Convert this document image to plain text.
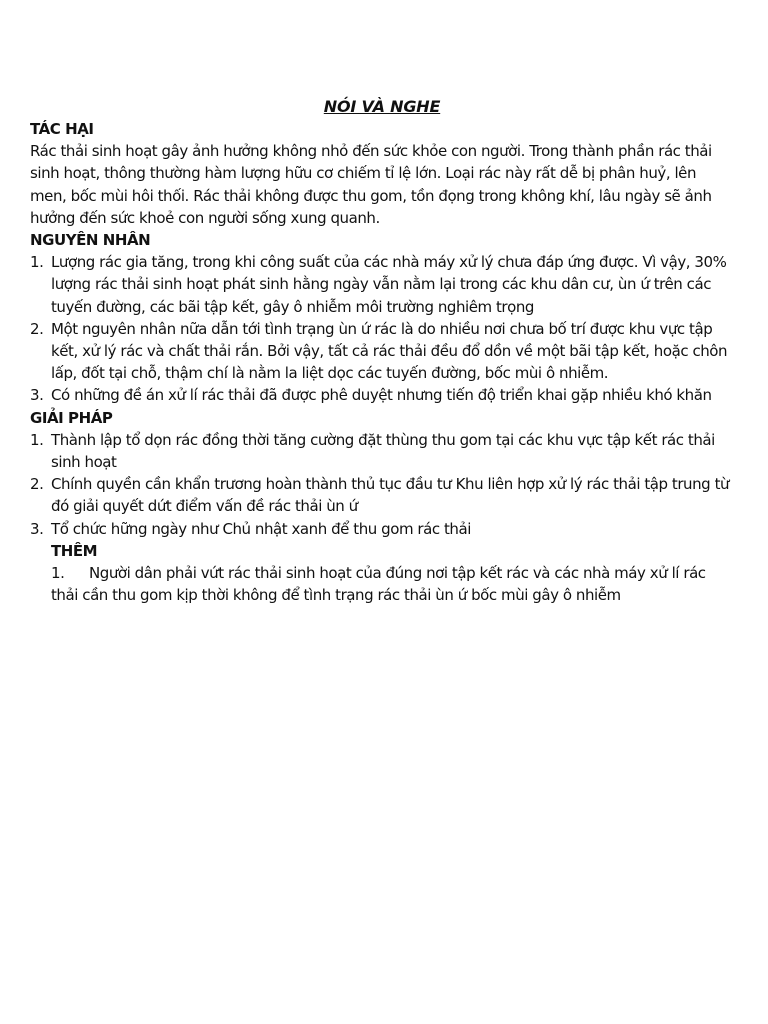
NÓI VÀ NGHE
TÁC HẠI

Rác thải sinh hoạt gây ảnh hưởng không nhỏ đến sức khỏe con người. Trong thành phần rác thải sinh hoạt, thông thường hàm lượng hữu cơ chiếm tỉ lệ lớn. Loại rác này rất dễ bị phân huỷ, lên men, bốc mùi hôi thối. Rác thải không được thu gom, tồn đọng trong không khí, lâu ngày sẽ ảnh hưởng đến sức khoẻ con người sống xung quanh.

NGUYÊN NHÂN
1. Lượng rác gia tăng, trong khi công suất của các nhà máy xử lý chưa đáp ứng được. Vì vậy, 30% lượng rác thải sinh hoạt phát sinh hằng ngày vẫn nằm lại trong các khu dân cư, ùn ứ trên các tuyến đường, các bãi tập kết, gây ô nhiễm môi trường nghiêm trọng
2. Một nguyên nhân nữa dẫn tới tình trạng ùn ứ rác là do nhiều nơi chưa bố trí được khu vực tập kết, xử lý rác và chất thải rắn. Bởi vậy, tất cả rác thải đều đổ dồn về một bãi tập kết, hoặc chôn lấp, đốt tại chỗ, thậm chí là nằm la liệt dọc các tuyến đường, bốc mùi ô nhiễm.
3. Có những đề án xử lí rác thải đã được phê duyệt nhưng tiến độ triển khai gặp nhiều khó khăn
GIẢI PHÁP
1. Thành lập tổ dọn rác đồng thời tăng cường đặt thùng thu gom tại các khu vực tập kết rác thải sinh hoạt
2. Chính quyền cần khẩn trương hoàn thành thủ tục đầu tư Khu liên hợp xử lý rác thải tập trung từ đó giải quyết dứt điểm vấn đề rác thải ùn ứ
3. Tổ chức hững ngày như Chủ nhật xanh để thu gom rác thải
THÊM

1. Người dân phải vứt rác thải sinh hoạt của đúng nơi tập kết rác và các nhà máy xử lí rác thải cần thu gom kịp thời không để tình trạng rác thải ùn ứ bốc mùi gây ô nhiễm
